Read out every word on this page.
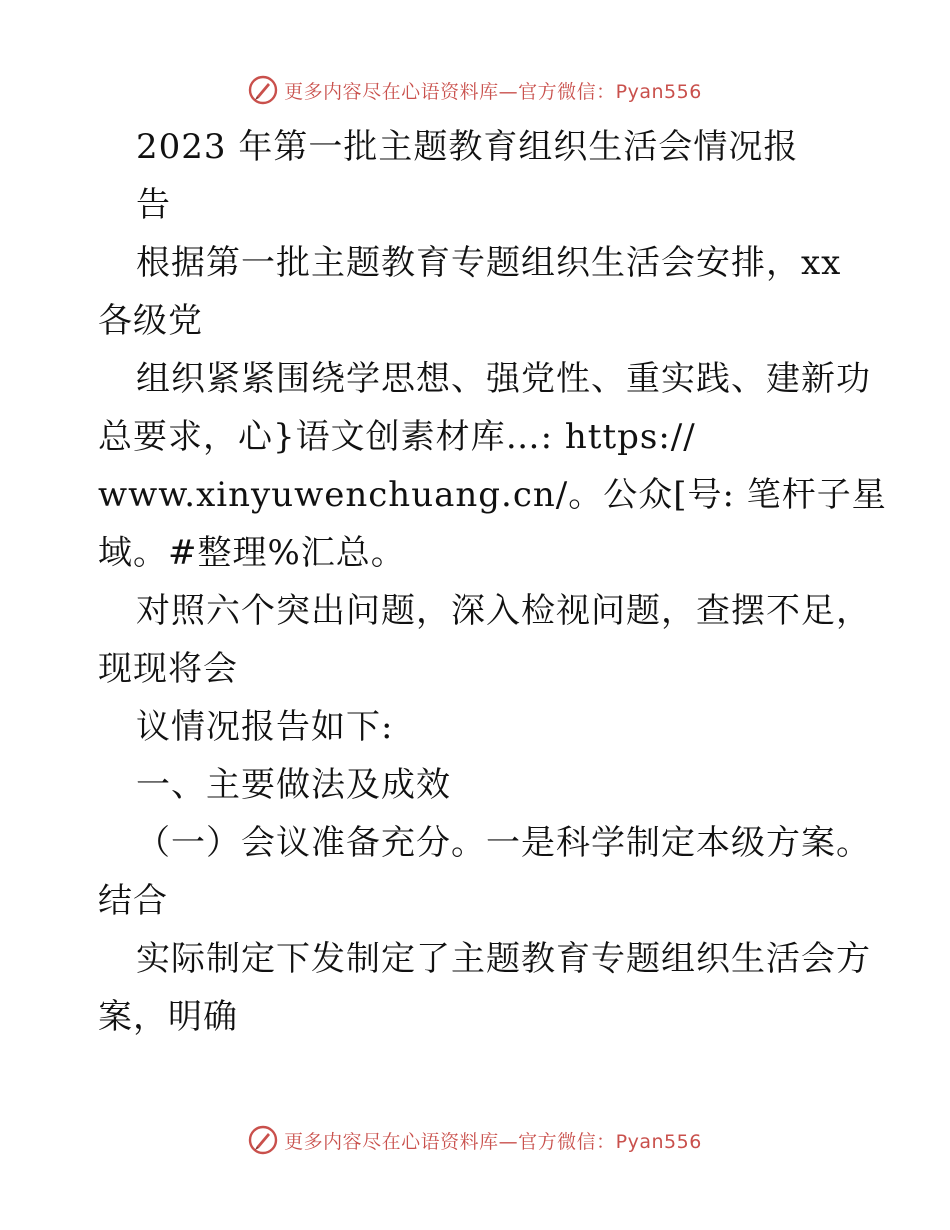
更多内容尽在心语资料库—官方微信：Pyan556
2023 年第一批主题教育组织生活会情况报
告
根据第一批主题教育专题组织生活会安排，xx
各级党
组织紧紧围绕学思想、强党性、重实践、建新功
总要求，心}语文创素材库…: https://
www.xinyuwenchuang.cn/。公众[号: 笔杆子星
域。#整理%汇总。
对照六个突出问题，深入检视问题，查摆不足，
现现将会
议情况报告如下:
一、主要做法及成效
（一）会议准备充分。一是科学制定本级方案。
结合
实际制定下发制定了主题教育专题组织生活会方
案，明确
更多内容尽在心语资料库—官方微信：Pyan556
